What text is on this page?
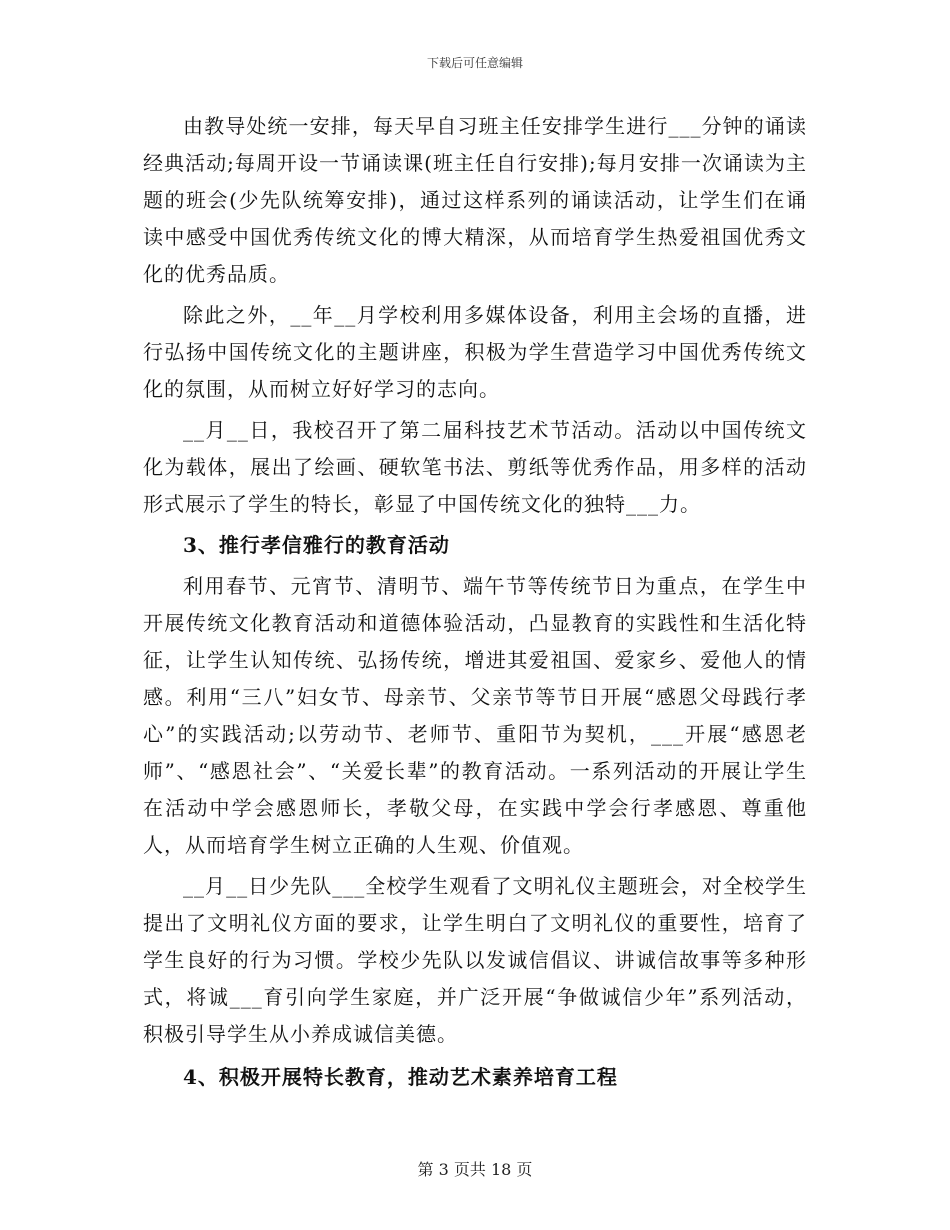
下载后可任意编辑

由教导处统一安排，每天早自习班主任安排学生进行___分钟的诵读经典活动;每周开设一节诵读课(班主任自行安排);每月安排一次诵读为主题的班会(少先队统筹安排)，通过这样系列的诵读活动，让学生们在诵读中感受中国优秀传统文化的博大精深，从而培育学生热爱祖国优秀文化的优秀品质。

除此之外，__年__月学校利用多媒体设备，利用主会场的直播，进行弘扬中国传统文化的主题讲座，积极为学生营造学习中国优秀传统文化的氛围，从而树立好好学习的志向。

__月__日，我校召开了第二届科技艺术节活动。活动以中国传统文化为载体，展出了绘画、硬软笔书法、剪纸等优秀作品，用多样的活动形式展示了学生的特长，彰显了中国传统文化的独特___力。

3、推行孝信雅行的教育活动

利用春节、元宵节、清明节、端午节等传统节日为重点，在学生中开展传统文化教育活动和道德体验活动，凸显教育的实践性和生活化特征，让学生认知传统、弘扬传统，增进其爱祖国、爱家乡、爱他人的情感。利用“三八”妇女节、母亲节、父亲节等节日开展“感恩父母践行孝心”的实践活动;以劳动节、老师节、重阳节为契机，___开展“感恩老师”、“感恩社会”、“关爱长辈”的教育活动。一系列活动的开展让学生在活动中学会感恩师长，孝敬父母，在实践中学会行孝感恩、尊重他人，从而培育学生树立正确的人生观、价值观。

__月__日少先队___全校学生观看了文明礼仪主题班会，对全校学生提出了文明礼仪方面的要求，让学生明白了文明礼仪的重要性，培育了学生良好的行为习惯。学校少先队以发诚信倡议、讲诚信故事等多种形式，将诚___育引向学生家庭，并广泛开展“争做诚信少年”系列活动，积极引导学生从小养成诚信美德。

4、积极开展特长教育，推动艺术素养培育工程

第 3 页共 18 页
